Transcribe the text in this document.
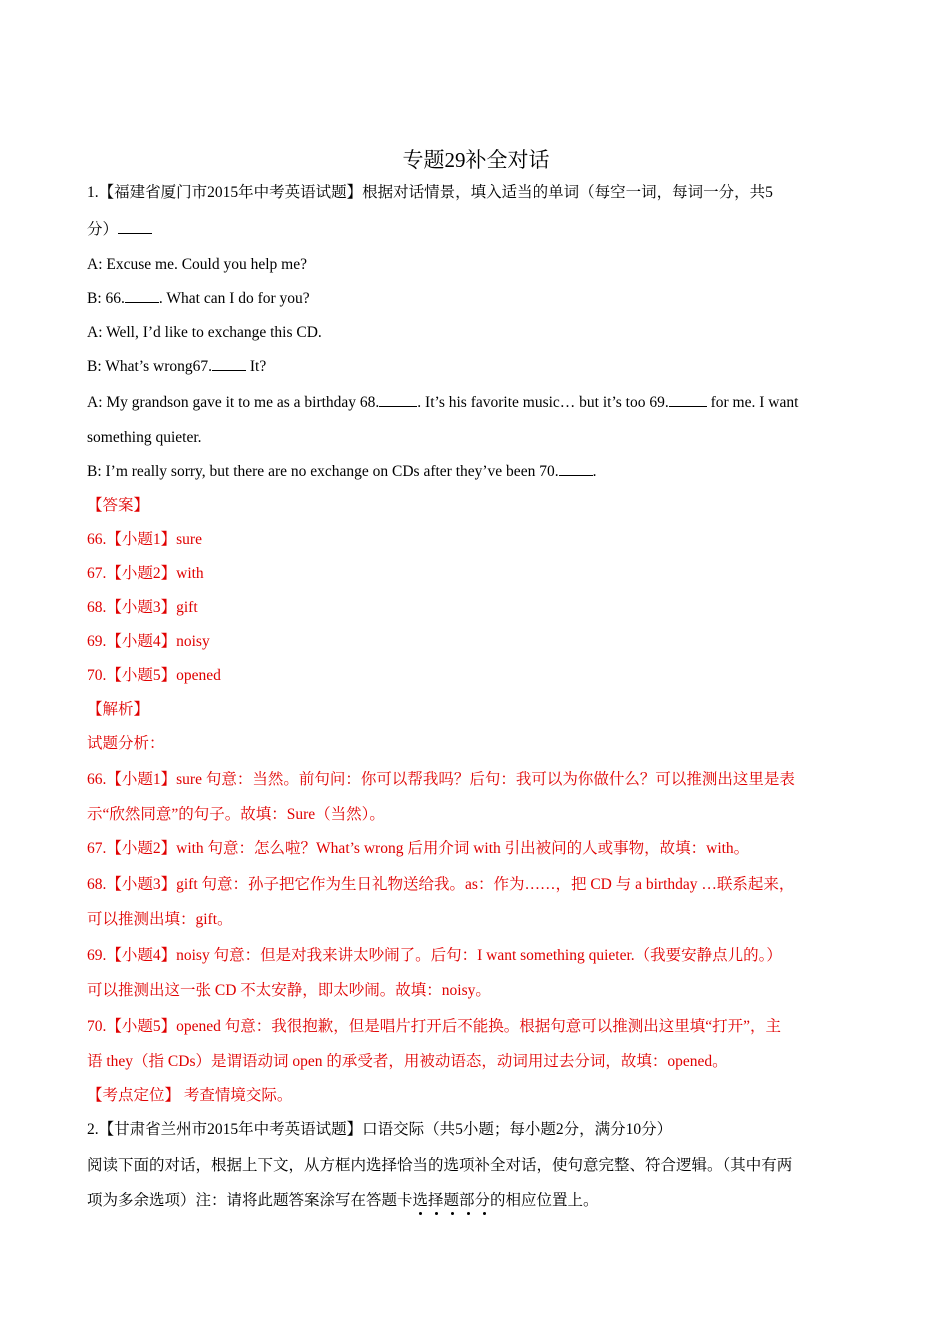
专题29补全对话
1.【福建省厦门市2015年中考英语试题】根据对话情景，填入适当的单词（每空一词，每词一分，共5
分）
A: Excuse me. Could you help me?
B: 66. . What can I do for you?
A: Well, I’d like to exchange this CD.
B: What’s wrong67. It?
A: My grandson gave it to me as a birthday 68. . It’s his favorite music… but it’s too 69. for me. I want
something quieter.
B: I’m really sorry, but there are no exchange on CDs after they’ve been 70. .
【答案】
66.【小题1】sure
67.【小题2】with
68.【小题3】gift
69.【小题4】noisy
70.【小题5】opened
【解析】
试题分析：
66.【小题1】sure 句意：当然。前句问：你可以帮我吗？后句：我可以为你做什么？可以推测出这里是表
示“欣然同意”的句子。故填：Sure（当然）。
67.【小题2】with 句意：怎么啦？What’s wrong 后用介词 with 引出被问的人或事物，故填：with。
68.【小题3】gift 句意：孙子把它作为生日礼物送给我。as：作为……，把 CD 与 a birthday …联系起来，
可以推测出填：gift。
69.【小题4】noisy 句意：但是对我来讲太吵闹了。后句：I want something quieter.（我要安静点儿的。）
可以推测出这一张 CD 不太安静，即太吵闹。故填：noisy。
70.【小题5】opened 句意：我很抱歉，但是唱片打开后不能换。根据句意可以推测出这里填“打开”，主
语 they（指 CDs）是谓语动词 open 的承受者，用被动语态，动词用过去分词，故填：opened。
【考点定位】 考查情境交际。
2.【甘肃省兰州市2015年中考英语试题】口语交际（共5小题；每小题2分，满分10分）
阅读下面的对话，根据上下文，从方框内选择恰当的选项补全对话，使句意完整、符合逻辑。（其中有两
项为多余选项）注：请将此题答案涂写在答题卡选择题部分
的相应位置上。
